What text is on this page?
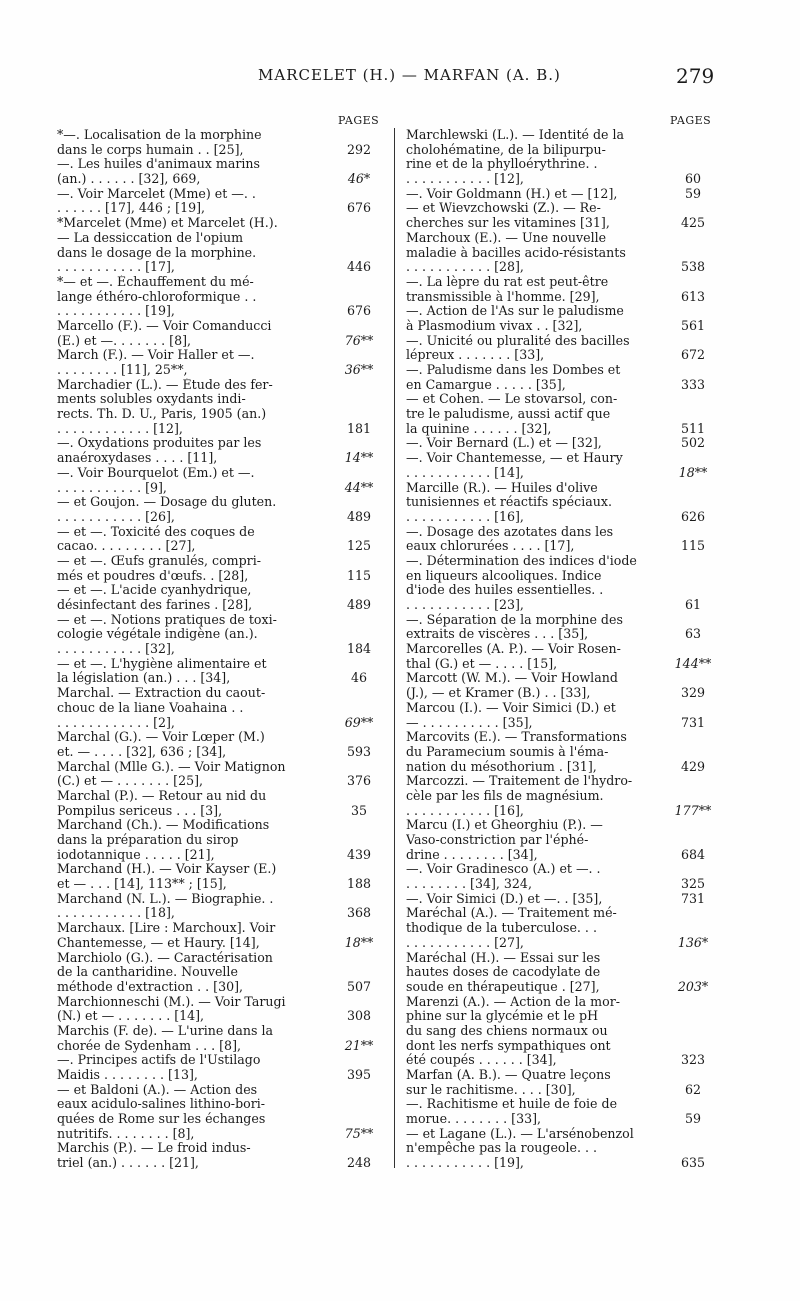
MARCELET (H.) — MARFAN (A. B.)	279
PAGES	PAGES
*—. Localisation de la morphine
dans le corps humain . . [25],	292
—. Les huiles d'animaux marins
(an.) . . . . . . [32], 669,	46*
—. Voir Marcelet (Mme) et —. .
. . . . . . [17], 446 ; [19],	676
*Marcelet (Mme) et Marcelet (H.).
— La dessiccation de l'opium
dans le dosage de la morphine.
. . . . . . . . . . . [17],	446
*— et —. Échauffement du mé-
lange éthéro-chloroformique . .
. . . . . . . . . . . [19],	676
Marcello (F.). — Voir Comanducci
(E.) et —. . . . . . . [8],	76**
March (F.). — Voir Haller et —.
. . . . . . . . [11], 25**,	36**
Marchadier (L.). — Étude des fer-
ments solubles oxydants indi-
rects. Th. D. U., Paris, 1905 (an.)
. . . . . . . . . . . . [12],	181
—. Oxydations produites par les
anaéroxydases . . . . [11],	14**
—. Voir Bourquelot (Em.) et —.
. . . . . . . . . . . [9],	44**
— et Goujon. — Dosage du gluten.
. . . . . . . . . . . [26],	489
— et —. Toxicité des coques de
cacao. . . . . . . . . [27],	125
— et —. Œufs granulés, compri-
més et poudres d'œufs. . [28],	115
— et —. L'acide cyanhydrique,
désinfectant des farines . [28],	489
— et —. Notions pratiques de toxi-
cologie végétale indigène (an.).
. . . . . . . . . . . [32],	184
— et —. L'hygiène alimentaire et
la législation (an.) . . . [34],	46
Marchal. — Extraction du caout-
chouc de la liane Voahaina . .
. . . . . . . . . . . . [2],	69**
Marchal (G.). — Voir Lœper (M.)
et. — . . . . [32], 636 ; [34],	593
Marchal (Mlle G.). — Voir Matignon
(C.) et — . . . . . . . [25],	376
Marchal (P.). — Retour au nid du
Pompilus sericeus . . . [3],	35
Marchand (Ch.). — Modifications
dans la préparation du sirop
iodotannique . . . . . [21],	439
Marchand (H.). — Voir Kayser (E.)
et — . . . [14], 113** ; [15],	188
Marchand (N. L.). — Biographie. .
. . . . . . . . . . . [18],	368
Marchaux. [Lire : Marchoux]. Voir
Chantemesse, — et Haury. [14],	18**
Marchiolo (G.). — Caractérisation
de la cantharidine. Nouvelle
méthode d'extraction . . [30],	507
Marchionneschi (M.). — Voir Tarugi
(N.) et — . . . . . . . [14],	308
Marchis (F. de). — L'urine dans la
chorée de Sydenham . . . [8],	21**
—. Principes actifs de l'Ustilago
Maidis . . . . . . . . [13],	395
— et Baldoni (A.). — Action des
eaux acidulo-salines lithino-bori-
quées de Rome sur les échanges
nutritifs. . . . . . . . [8],	75**
Marchis (P.). — Le froid indus-
triel (an.) . . . . . . [21],	248
Marchlewski (L.). — Identité de la
cholohématine, de la bilipurpu-
rine et de la phylloérythrine. .
. . . . . . . . . . . [12],	60
—. Voir Goldmann (H.) et — [12],	59
— et Wievzchowski (Z.). — Re-
cherches sur les vitamines [31],	425
Marchoux (E.). — Une nouvelle
maladie à bacilles acido-résistants
. . . . . . . . . . . [28],	538
—. La lèpre du rat est peut-être
transmissible à l'homme. [29],	613
—. Action de l'As sur le paludisme
à Plasmodium vivax . . [32],	561
—. Unicité ou pluralité des bacilles
lépreux . . . . . . . [33],	672
—. Paludisme dans les Dombes et
en Camargue . . . . . [35],	333
— et Cohen. — Le stovarsol, con-
tre le paludisme, aussi actif que
la quinine . . . . . . [32],	511
—. Voir Bernard (L.) et — [32],	502
—. Voir Chantemesse, — et Haury
. . . . . . . . . . . [14],	18**
Marcille (R.). — Huiles d'olive
tunisiennes et réactifs spéciaux.
. . . . . . . . . . . [16],	626
—. Dosage des azotates dans les
eaux chlorurées . . . . [17],	115
—. Détermination des indices d'iode
en liqueurs alcooliques. Indice
d'iode des huiles essentielles. .
. . . . . . . . . . . [23],	61
—. Séparation de la morphine des
extraits de viscères . . . [35],	63
Marcorelles (A. P.). — Voir Rosen-
thal (G.) et — . . . . [15],	144**
Marcott (W. M.). — Voir Howland
(J.), — et Kramer (B.) . . [33],	329
Marcou (I.). — Voir Simici (D.) et
— . . . . . . . . . . [35],	731
Marcovits (E.). — Transformations
du Paramecium soumis à l'éma-
nation du mésothorium . [31],	429
Marcozzi. — Traitement de l'hydro-
cèle par les fils de magnésium.
. . . . . . . . . . . [16],	177**
Marcu (I.) et Gheorghiu (P.). —
Vaso-constriction par l'éphé-
drine . . . . . . . . [34],	684
—. Voir Gradinesco (A.) et —. .
. . . . . . . . [34], 324,	325
—. Voir Simici (D.) et —. . [35],	731
Maréchal (A.). — Traitement mé-
thodique de la tuberculose. . .
. . . . . . . . . . . [27],	136*
Maréchal (H.). — Essai sur les
hautes doses de cacodylate de
soude en thérapeutique . [27],	203*
Marenzi (A.). — Action de la mor-
phine sur la glycémie et le pH
du sang des chiens normaux ou
dont les nerfs sympathiques ont
été coupés . . . . . . [34],	323
Marfan (A. B.). — Quatre leçons
sur le rachitisme. . . . [30],	62
—. Rachitisme et huile de foie de
morue. . . . . . . . [33],	59
— et Lagane (L.). — L'arsénobenzol
n'empêche pas la rougeole. . .
. . . . . . . . . . . [19],	635
